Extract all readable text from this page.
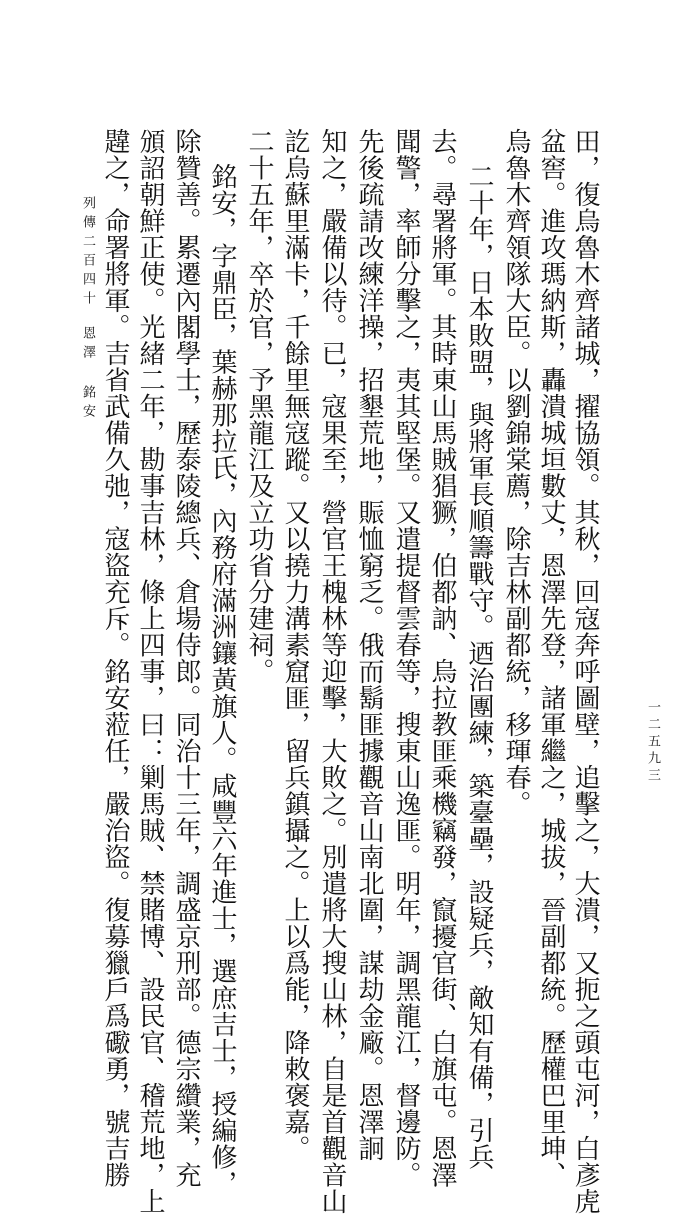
田，復烏魯木齊諸城，擢協領。其秋，回寇奔呼圖壁，追擊之，大潰，又扼之頭屯河，白彥虎
盆窖。進攻瑪納斯，轟潰城垣數丈，恩澤先登，諸軍繼之，城拔，晉副都統。歷權巴里坤、
烏魯木齊領隊大臣。以劉錦棠薦，除吉林副都統，移琿春。
二十年，日本敗盟，與將軍長順籌戰守。迺治團練，築臺壘，設疑兵，敵知有備，引兵
去。尋署將軍。其時東山馬賊猖獗，伯都訥、烏拉教匪乘機竊發，竄擾官街、白旗屯。恩澤
聞警，率師分擊之，夷其堅堡。又遣提督雲春等，搜東山逸匪。明年，調黑龍江，督邊防。
先後疏請改練洋操，招墾荒地，賑恤窮乏。俄而鬍匪據觀音山南北圍，謀劫金廠。恩澤詗
知之，嚴備以待。已，寇果至，營官王槐林等迎擊，大敗之。別遣將大搜山林，自是首觀音山
訖烏蘇里滿卡，千餘里無寇蹤。又以撓力溝素窟匪，留兵鎮攝之。上以爲能，降敕褒嘉。
二十五年，卒於官，予黑龍江及立功省分建祠。
銘安，字鼎臣，葉赫那拉氏，內務府滿洲鑲黃旗人。咸豐六年進士，選庶吉士，授編修，
除贊善。累遷內閣學士，歷泰陵總兵、倉場侍郎。同治十三年，調盛京刑部。德宗纘業，充
頒詔朝鮮正使。光緒二年，勘事吉林，條上四事，曰：剿馬賊、禁賭博、設民官、稽荒地，上
韙之，命署將軍。吉省武備久弛，寇盜充斥。銘安蒞任，嚴治盜。復募獵戶爲礮勇，號吉勝
列傳二百四十
恩澤 銘安
一二五九三
